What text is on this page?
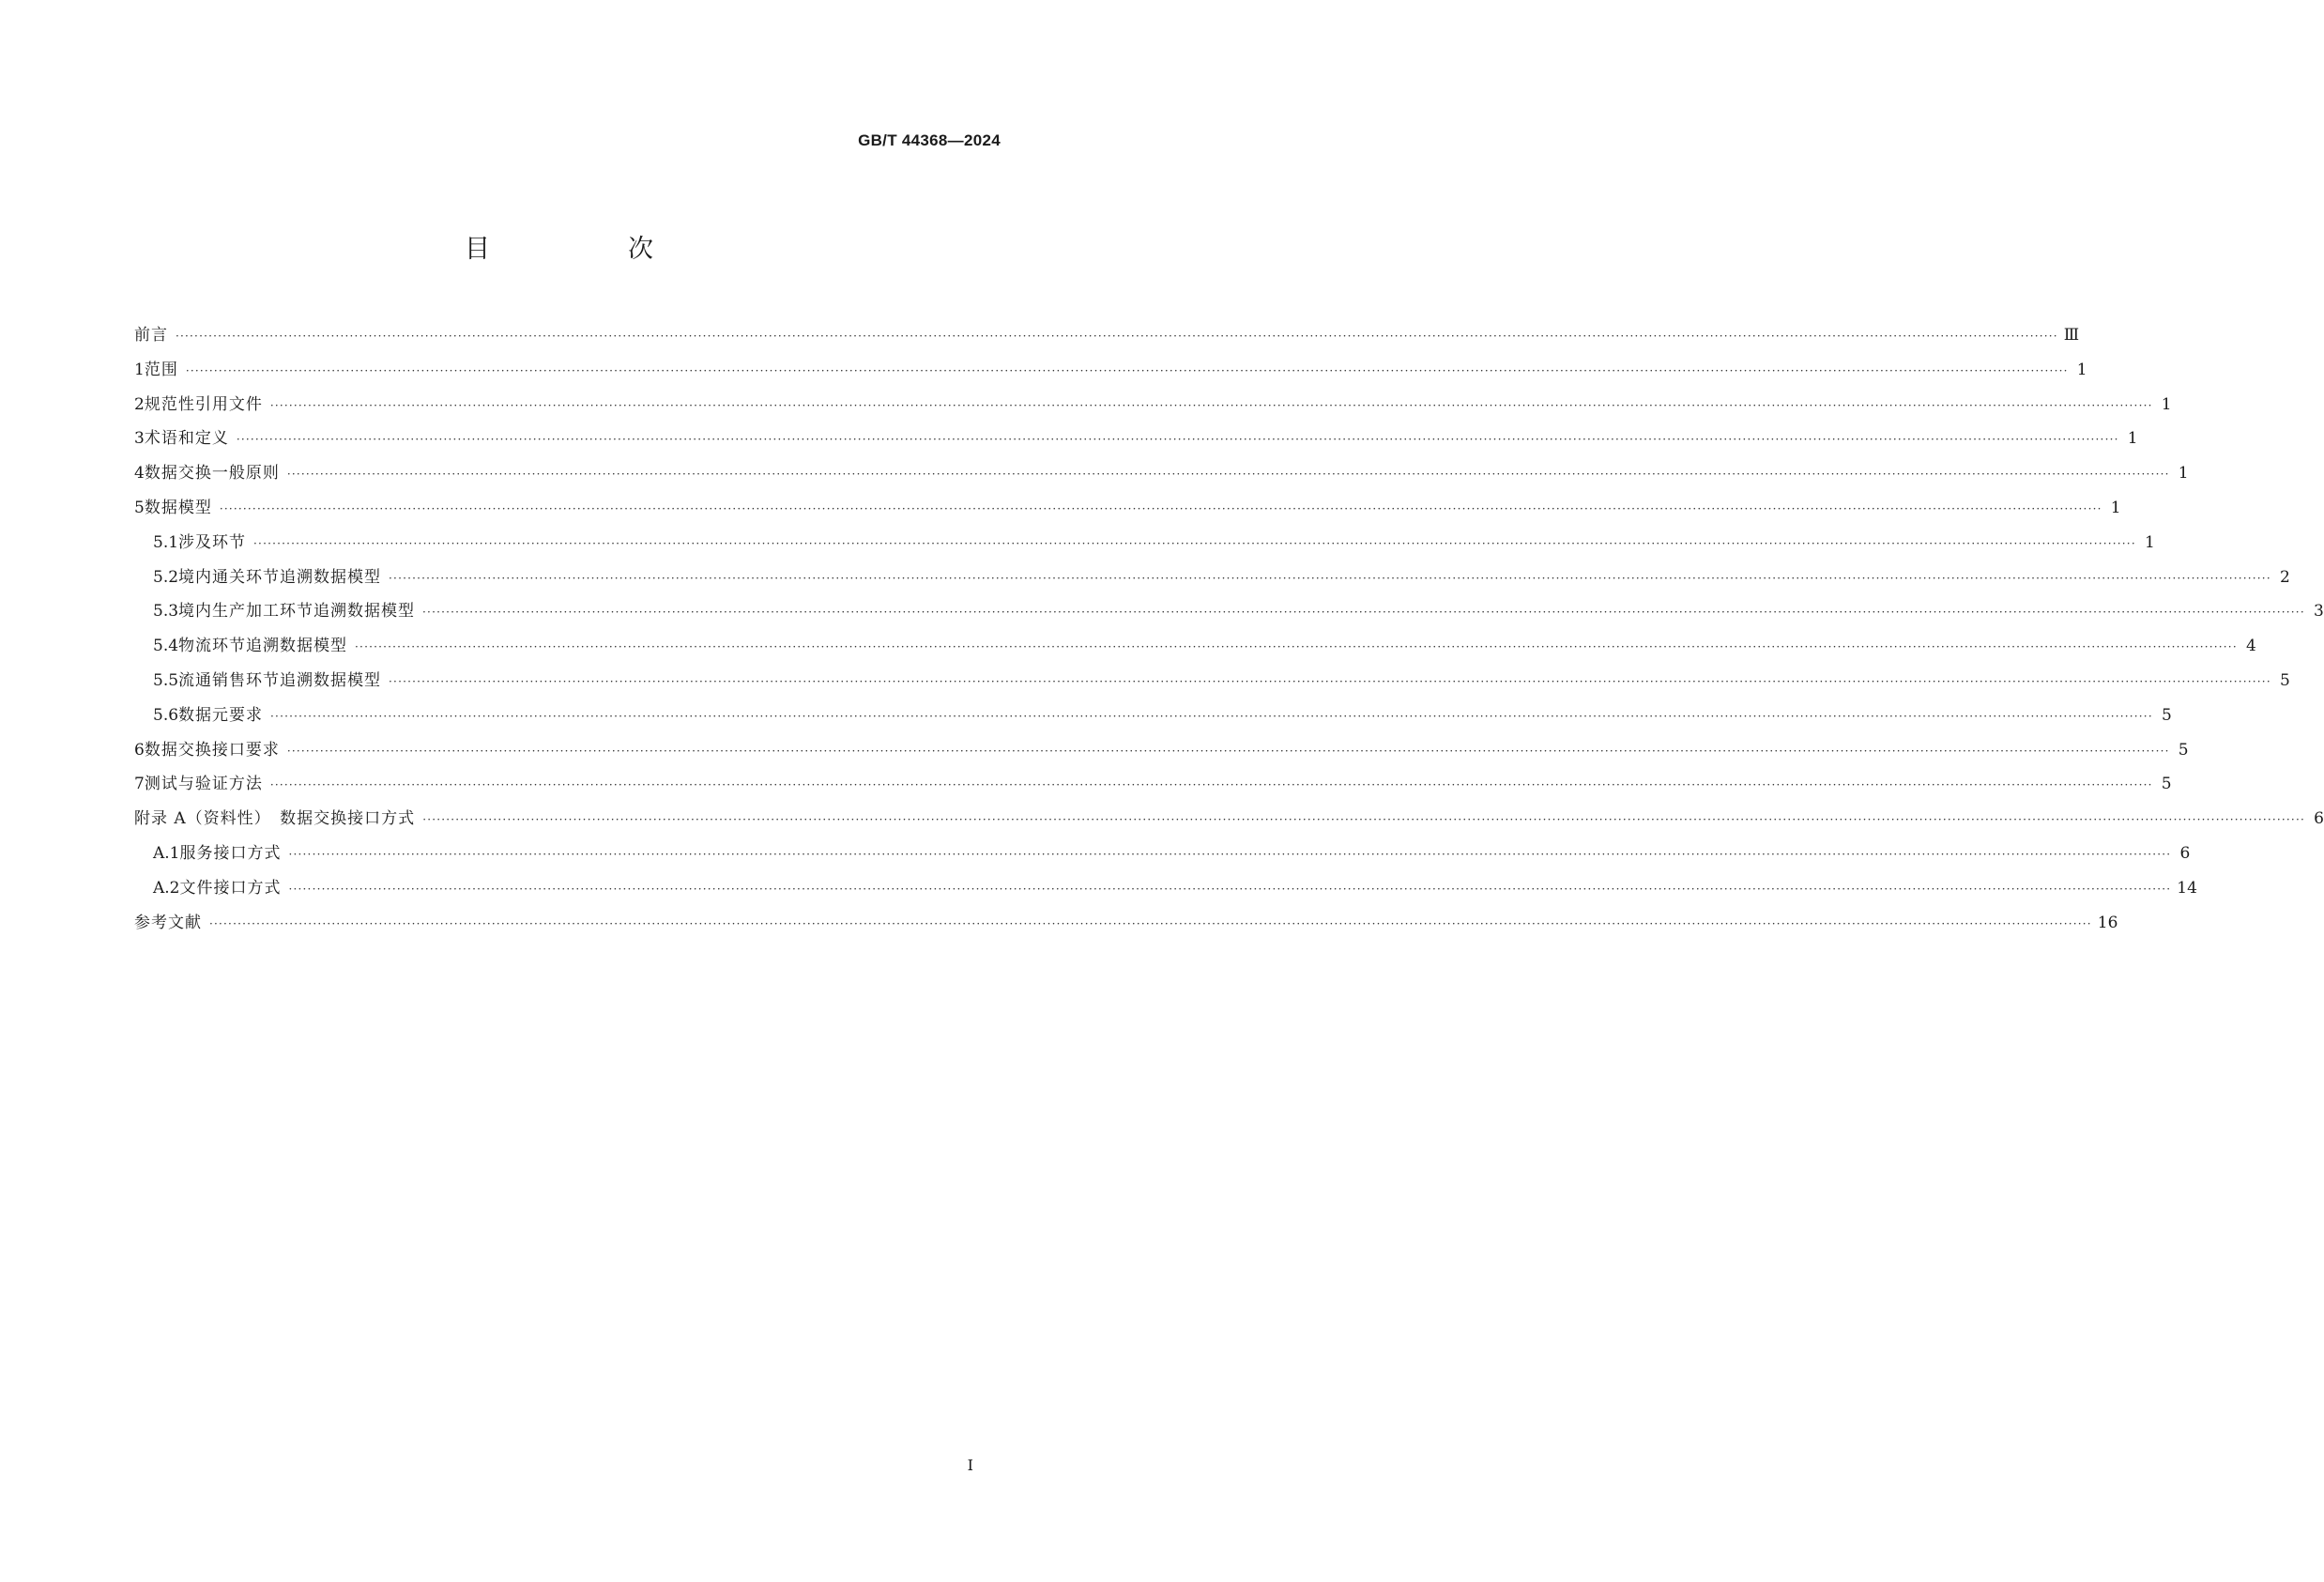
GB/T 44368—2024
目　次
前言 ················································································································································································································································································································································································································ Ⅲ
1 范围 ················································································································································································································································································································································································································ 1
2 规范性引用文件 ················································································································································································································································································································································································································ 1
3 术语和定义 ················································································································································································································································································································································································································ 1
4 数据交换一般原则 ················································································································································································································································································································································································································ 1
5 数据模型 ················································································································································································································································································································································································································ 1
5.1 涉及环节 ················································································································································································································································································································································································································ 1
5.2 境内通关环节追溯数据模型 ················································································································································································································································································································································································································ 2
5.3 境内生产加工环节追溯数据模型 ················································································································································································································································································································································································································ 3
5.4 物流环节追溯数据模型 ················································································································································································································································································································································································································ 4
5.5 流通销售环节追溯数据模型 ················································································································································································································································································································································································································ 5
5.6 数据元要求 ················································································································································································································································································································································································································ 5
6 数据交换接口要求 ················································································································································································································································································································································································································ 5
7 测试与验证方法 ················································································································································································································································································································································································································ 5
附录 A（资料性）　数据交换接口方式 ················································································································································································································································································································································································································ 6
A.1 服务接口方式 ················································································································································································································································································································································································································ 6
A.2 文件接口方式 ················································································································································································································································································································································································································ 14
参考文献 ················································································································································································································································································································································································································ 16
I
